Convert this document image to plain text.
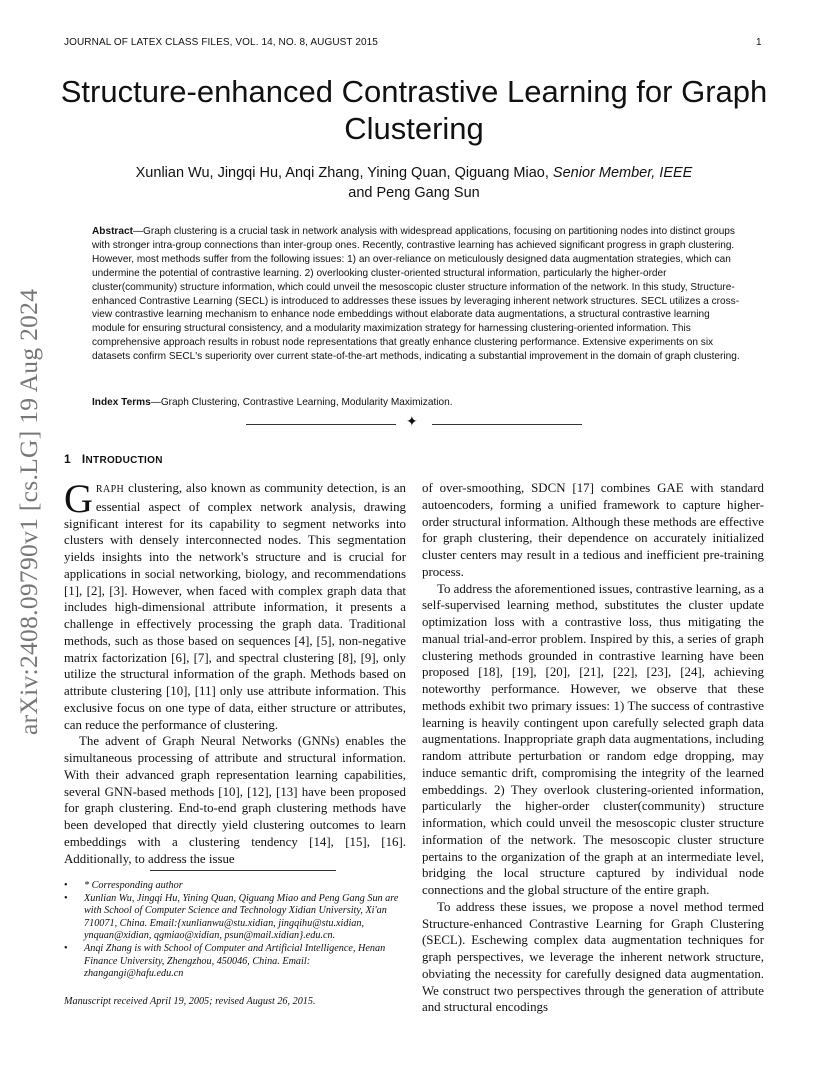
JOURNAL OF LATEX CLASS FILES, VOL. 14, NO. 8, AUGUST 2015	1
arXiv:2408.09790v1 [cs.LG] 19 Aug 2024
Structure-enhanced Contrastive Learning for Graph Clustering
Xunlian Wu, Jingqi Hu, Anqi Zhang, Yining Quan, Qiguang Miao, Senior Member, IEEE
and Peng Gang Sun
Abstract—Graph clustering is a crucial task in network analysis with widespread applications, focusing on partitioning nodes into distinct groups with stronger intra-group connections than inter-group ones. Recently, contrastive learning has achieved significant progress in graph clustering. However, most methods suffer from the following issues: 1) an over-reliance on meticulously designed data augmentation strategies, which can undermine the potential of contrastive learning. 2) overlooking cluster-oriented structural information, particularly the higher-order cluster(community) structure information, which could unveil the mesoscopic cluster structure information of the network. In this study, Structure-enhanced Contrastive Learning (SECL) is introduced to addresses these issues by leveraging inherent network structures. SECL utilizes a cross-view contrastive learning mechanism to enhance node embeddings without elaborate data augmentations, a structural contrastive learning module for ensuring structural consistency, and a modularity maximization strategy for harnessing clustering-oriented information. This comprehensive approach results in robust node representations that greatly enhance clustering performance. Extensive experiments on six datasets confirm SECL's superiority over current state-of-the-art methods, indicating a substantial improvement in the domain of graph clustering.
Index Terms—Graph Clustering, Contrastive Learning, Modularity Maximization.
✦
1 INTRODUCTION

GRAPH clustering, also known as community detection, is an essential aspect of complex network analysis, drawing significant interest for its capability to segment networks into clusters with densely interconnected nodes. This segmentation yields insights into the network's structure and is crucial for applications in social networking, biology, and recommendations [1], [2], [3]. However, when faced with complex graph data that includes high-dimensional attribute information, it presents a challenge in effectively processing the graph data. Traditional methods, such as those based on sequences [4], [5], non-negative matrix factorization [6], [7], and spectral clustering [8], [9], only utilize the structural information of the graph. Methods based on attribute clustering [10], [11] only use attribute information. This exclusive focus on one type of data, either structure or attributes, can reduce the performance of clustering.

The advent of Graph Neural Networks (GNNs) enables the simultaneous processing of attribute and structural information. With their advanced graph representation learning capabilities, several GNN-based methods [10], [12], [13] have been proposed for graph clustering. End-to-end graph clustering methods have been developed that directly yield clustering outcomes to learn embeddings with a clustering tendency [14], [15], [16]. Additionally, to address the issue

of over-smoothing, SDCN [17] combines GAE with standard autoencoders, forming a unified framework to capture higher-order structural information. Although these methods are effective for graph clustering, their dependence on accurately initialized cluster centers may result in a tedious and inefficient pre-training process.

To address the aforementioned issues, contrastive learning, as a self-supervised learning method, substitutes the cluster update optimization loss with a contrastive loss, thus mitigating the manual trial-and-error problem. Inspired by this, a series of graph clustering methods grounded in contrastive learning have been proposed [18], [19], [20], [21], [22], [23], [24], achieving noteworthy performance. However, we observe that these methods exhibit two primary issues: 1) The success of contrastive learning is heavily contingent upon carefully selected graph data augmentations. Inappropriate graph data augmentations, including random attribute perturbation or random edge dropping, may induce semantic drift, compromising the integrity of the learned embeddings. 2) They overlook clustering-oriented information, particularly the higher-order cluster(community) structure information, which could unveil the mesoscopic cluster structure information of the network. The mesoscopic cluster structure pertains to the organization of the graph at an intermediate level, bridging the local structure captured by individual node connections and the global structure of the entire graph.

To address these issues, we propose a novel method termed Structure-enhanced Contrastive Learning for Graph Clustering (SECL). Eschewing complex data augmentation techniques for graph perspectives, we leverage the inherent network structure, obviating the necessity for carefully designed data augmentation. We construct two perspectives through the generation of attribute and structural encodings

• * Corresponding author
• Xunlian Wu, Jingqi Hu, Yining Quan, Qiguang Miao and Peng Gang Sun are with School of Computer Science and Technology Xidian University, Xi'an 710071, China. Email:{xunlianwu@stu.xidian, jingqihu@stu.xidian, ynquan@xidian, qgmiao@xidian, psun@mail.xidian}.edu.cn.
• Anqi Zhang is with School of Computer and Artificial Intelligence, Henan Finance University, Zhengzhou, 450046, China. Email: zhangangi@hafu.edu.cn
Manuscript received April 19, 2005; revised August 26, 2015.
